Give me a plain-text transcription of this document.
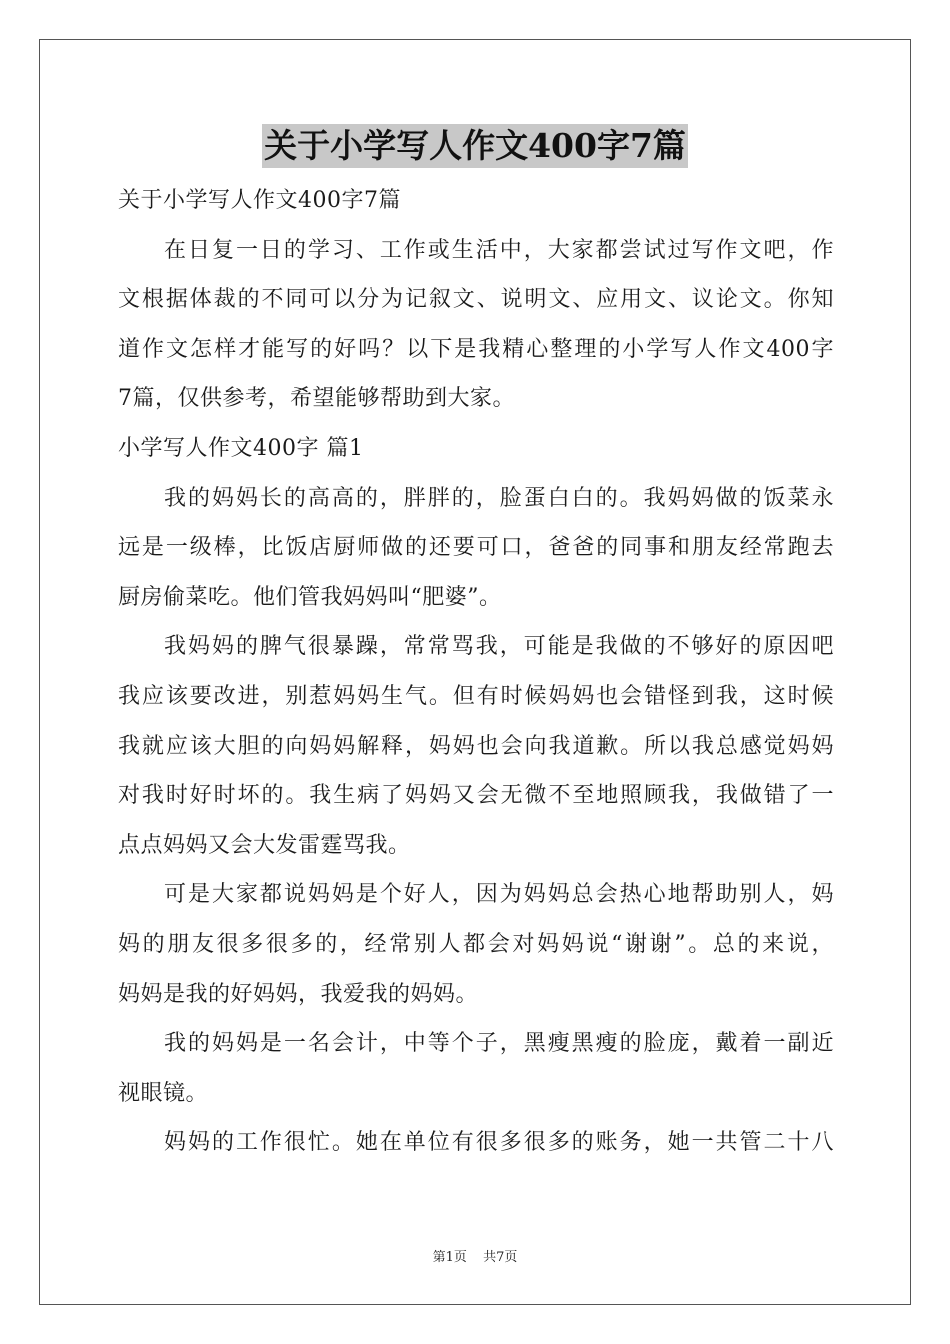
关于小学写人作文400字7篇
关于小学写人作文400字7篇
在日复一日的学习、工作或生活中，大家都尝试过写作文吧，作
文根据体裁的不同可以分为记叙文、说明文、应用文、议论文。你知
道作文怎样才能写的好吗？以下是我精心整理的小学写人作文400字
7篇，仅供参考，希望能够帮助到大家。
小学写人作文400字 篇1
我的妈妈长的高高的，胖胖的，脸蛋白白的。我妈妈做的饭菜永
远是一级棒，比饭店厨师做的还要可口，爸爸的同事和朋友经常跑去
厨房偷菜吃。他们管我妈妈叫“肥婆”。
我妈妈的脾气很暴躁，常常骂我，可能是我做的不够好的原因吧
我应该要改进，别惹妈妈生气。但有时候妈妈也会错怪到我，这时候
我就应该大胆的向妈妈解释，妈妈也会向我道歉。所以我总感觉妈妈
对我时好时坏的。我生病了妈妈又会无微不至地照顾我，我做错了一
点点妈妈又会大发雷霆骂我。
可是大家都说妈妈是个好人，因为妈妈总会热心地帮助别人，妈
妈的朋友很多很多的，经常别人都会对妈妈说“谢谢”。总的来说，
妈妈是我的好妈妈，我爱我的妈妈。
我的妈妈是一名会计，中等个子，黑瘦黑瘦的脸庞，戴着一副近
视眼镜。
妈妈的工作很忙。她在单位有很多很多的账务，她一共管二十八
第1页 共7页
